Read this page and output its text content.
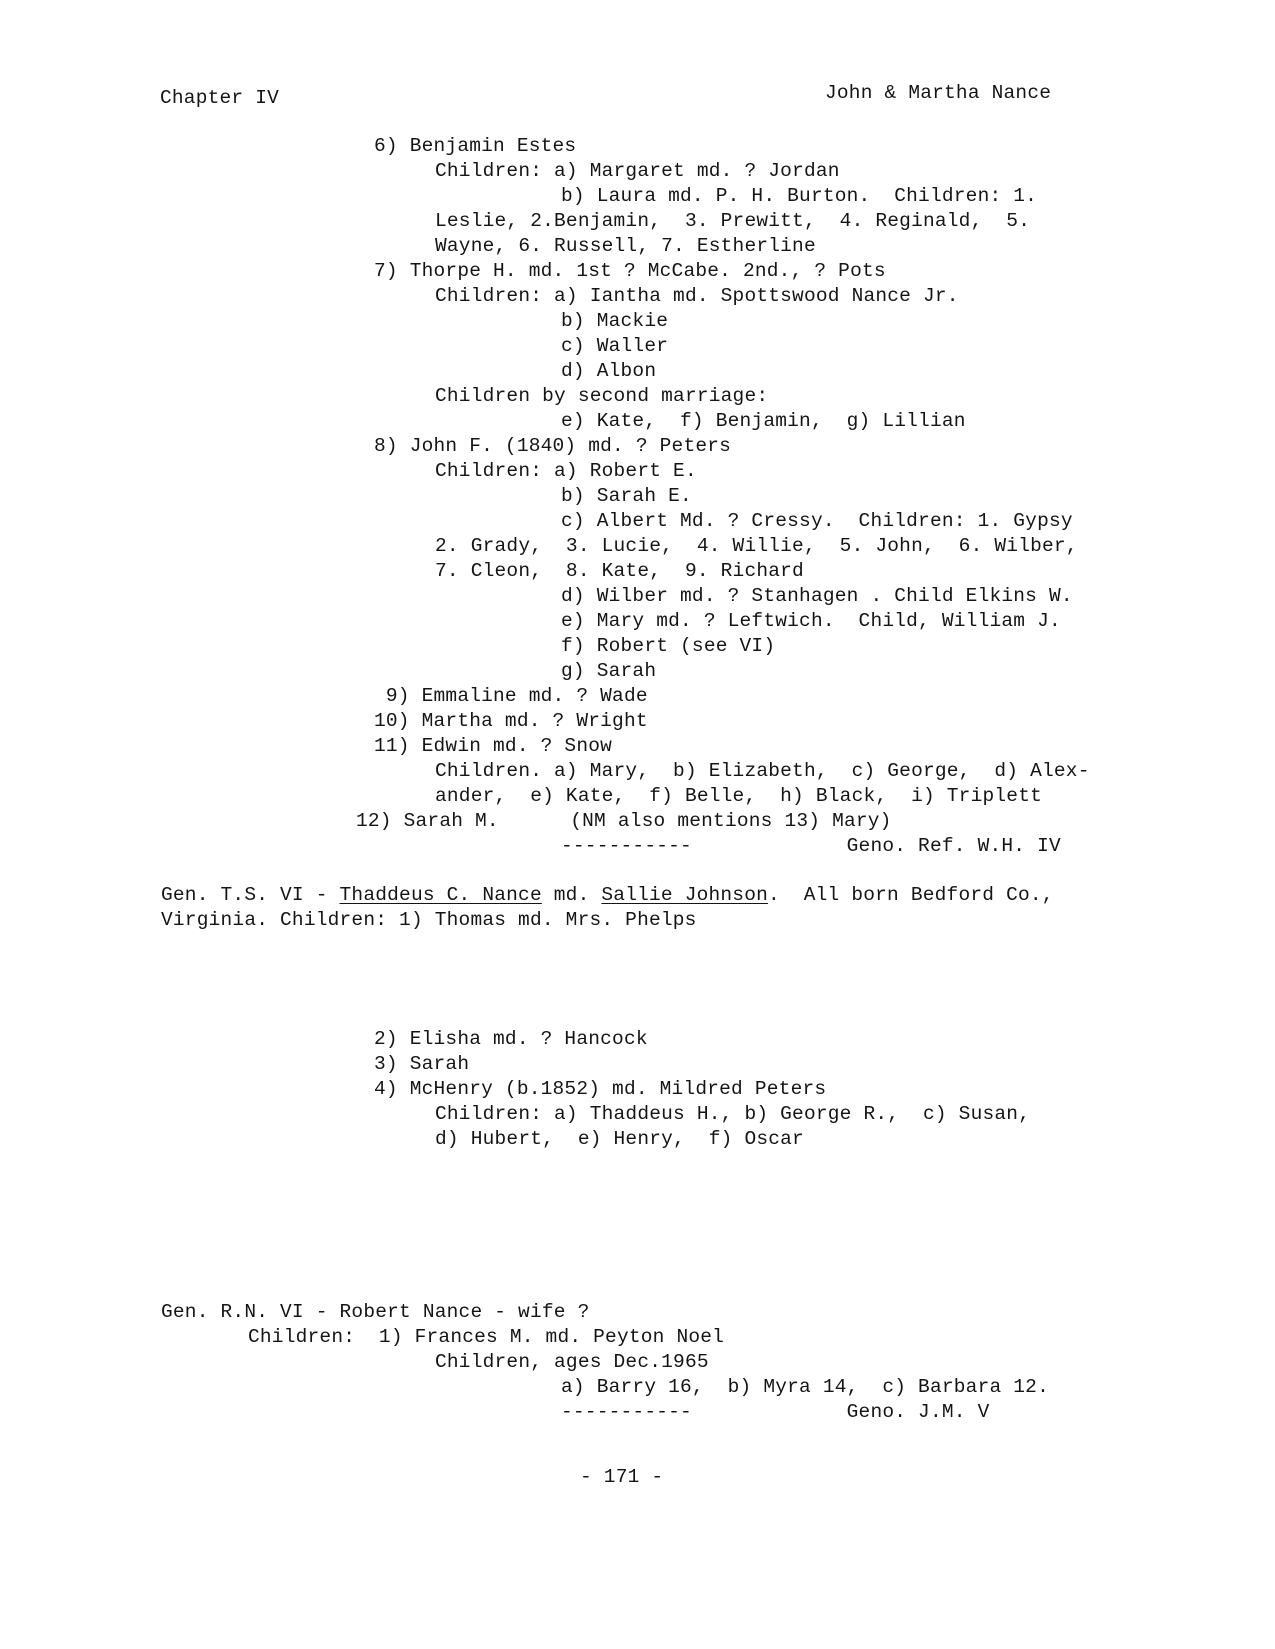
Chapter IV	John & Martha Nance
6) Benjamin Estes
Children: a) Margaret md. ? Jordan
b) Laura md. P. H. Burton.  Children: 1.
Leslie, 2.Benjamin,  3. Prewitt,  4. Reginald,  5.
Wayne, 6. Russell, 7. Estherline
7) Thorpe H. md. 1st ? McCabe. 2nd., ? Pots
Children: a) Iantha md. Spottswood Nance Jr.
b) Mackie
c) Waller
d) Albon
Children by second marriage:
e) Kate,  f) Benjamin,  g) Lillian
8) John F. (1840) md. ? Peters
Children: a) Robert E.
b) Sarah E.
c) Albert Md. ? Cressy.  Children: 1. Gypsy
2. Grady,  3. Lucie,  4. Willie,  5. John,  6. Wilber,
7. Cleon,  8. Kate,  9. Richard
d) Wilber md. ? Stanhagen . Child Elkins W.
e) Mary md. ? Leftwich.  Child, William J.
f) Robert (see VI)
g) Sarah
9) Emmaline md. ? Wade
10) Martha md. ? Wright
11) Edwin md. ? Snow
Children. a) Mary,  b) Elizabeth,  c) George,  d) Alex-
ander,  e) Kate,  f) Belle,  h) Black,  i) Triplett
12) Sarah M.      (NM also mentions 13) Mary)
-----------             Geno. Ref. W.H. IV
Gen. R.N. VI - Robert Nance - wife ?
Children:  1) Frances M. md. Peyton Noel
Children, ages Dec.1965
a) Barry 16,  b) Myra 14,  c) Barbara 12.
-----------             Geno. J.M. V
Gen. T.S. VI - Thaddeus C. Nance md. Sallie Johnson.  All born Bedford Co.,
Virginia. Children: 1) Thomas md. Mrs. Phelps
2) Elisha md. ? Hancock
3) Sarah
4) McHenry (b.1852) md. Mildred Peters
Children: a) Thaddeus H., b) George R.,  c) Susan,
d) Hubert,  e) Henry,  f) Oscar
- 171 -
